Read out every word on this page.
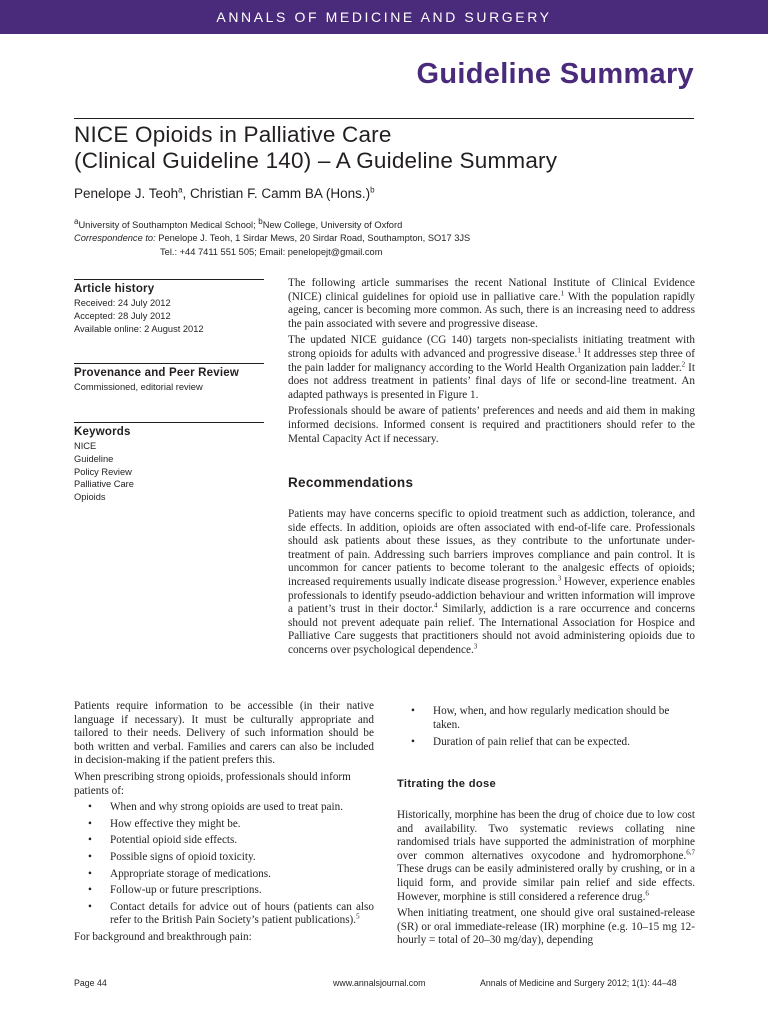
ANNALS OF MEDICINE AND SURGERY
Guideline Summary
NICE Opioids in Palliative Care
(Clinical Guideline 140) – A Guideline Summary
Penelope J. Teoh$^a$, Christian F. Camm BA (Hons.)$^b$
$^a$University of Southampton Medical School; $^b$New College, University of Oxford
Correspondence to: Penelope J. Teoh, 1 Sirdar Mews, 20 Sirdar Road, Southampton, SO17 3JS
Tel.: +44 7411 551 505; Email: penelopejt@gmail.com
Article history

Received: 24 July 2012

Accepted: 28 July 2012

Available online: 2 August 2012

Provenance and Peer Review

Commissioned, editorial review

Keywords
NICE
Guideline
Policy Review
Palliative Care
Opioids

The following article summarises the recent National Institute of Clinical Evidence (NICE) clinical guidelines for opioid use in palliative care.$^1$ With the population rapidly ageing, cancer is becoming more common. As such, there is an increasing need to address the pain associated with severe and progressive disease.

The updated NICE guidance (CG 140) targets non-specialists initiating treatment with strong opioids for adults with advanced and progressive disease.$^1$ It addresses step three of the pain ladder for malignancy according to the World Health Organization pain ladder.$^2$ It does not address treatment in patients’ final days of life or second-line treatment. An adapted pathways is presented in Figure 1.

Professionals should be aware of patients’ preferences and needs and aid them in making informed decisions. Informed consent is required and practitioners should refer to the Mental Capacity Act if necessary.

Recommendations

Patients may have concerns specific to opioid treatment such as addiction, tolerance, and side effects. In addition, opioids are often associated with end-of-life care. Professionals should ask patients about these issues, as they contribute to the unfortunate under-treatment of pain. Addressing such barriers improves compliance and pain control. It is uncommon for cancer patients to become tolerant to the analgesic effects of opioids; increased requirements usually indicate disease progression.$^3$ However, experience enables professionals to identify pseudo-addiction behaviour and written information will improve a patient’s trust in their doctor.$^4$ Similarly, addiction is a rare occurrence and concerns should not prevent adequate pain relief. The International Association for Hospice and Palliative Care suggests that practitioners should not avoid administering opioids due to concerns over psychological dependence.$^3$

Patients require information to be accessible (in their native language if necessary). It must be culturally appropriate and tailored to their needs. Delivery of such information should be both written and verbal. Families and carers can also be included in decision-making if the patient prefers this.

When prescribing strong opioids, professionals should inform patients of:

• When and why strong opioids are used to treat pain.
• How effective they might be.
• Potential opioid side effects.
• Possible signs of opioid toxicity.
• Appropriate storage of medications.
• Follow-up or future prescriptions.
• Contact details for advice out of hours (patients can also refer to the British Pain Society’s patient publications).$^5$

For background and breakthrough pain:

• How, when, and how regularly medication should be taken.
• Duration of pain relief that can be expected.
Titrating the dose

Historically, morphine has been the drug of choice due to low cost and availability. Two systematic reviews collating nine randomised trials have supported the administration of morphine over common alternatives oxycodone and hydromorphone.$^{6,7}$ These drugs can be easily administered orally by crushing, or in a liquid form, and provide similar pain relief and side effects. However, morphine is still considered a reference drug.$^6$

When initiating treatment, one should give oral sustained-release (SR) or oral immediate-release (IR) morphine (e.g. 10–15 mg 12-hourly = total of 20–30 mg/day), depending

Page 44	www.annalsjournal.com	Annals of Medicine and Surgery 2012; 1(1): 44–48
